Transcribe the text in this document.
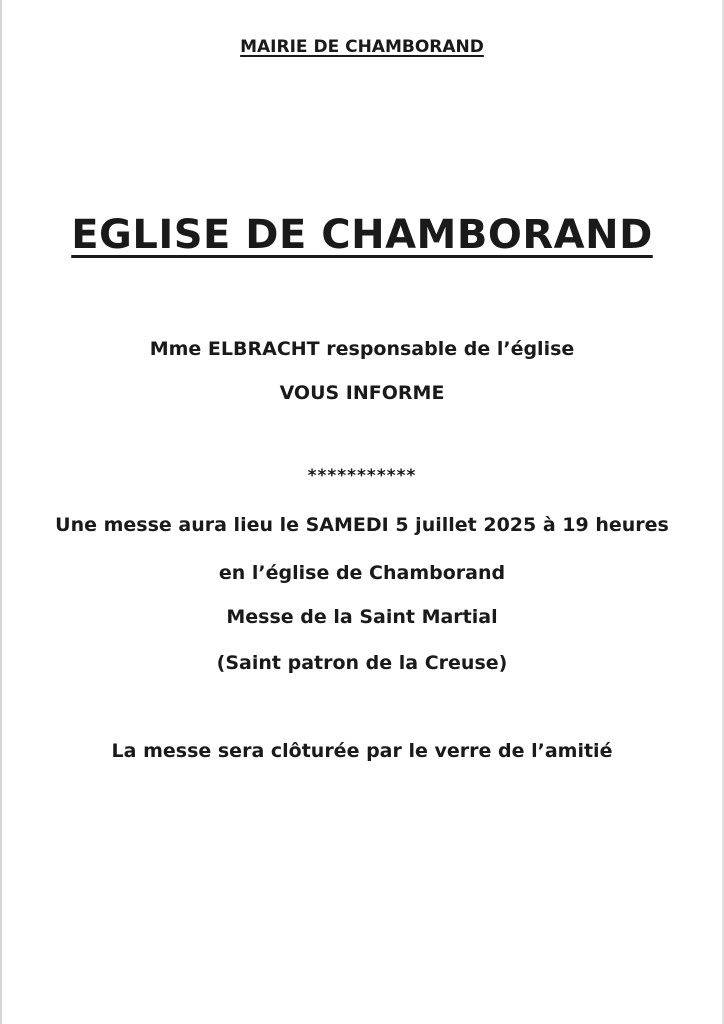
MAIRIE DE CHAMBORAND
EGLISE DE CHAMBORAND
Mme ELBRACHT responsable de l’église
VOUS INFORME
***********
Une messe aura lieu le SAMEDI 5 juillet 2025 à 19 heures
en l’église de Chamborand
Messe de la Saint Martial
(Saint patron de la Creuse)
La messe sera clôturée par le verre de l’amitié
